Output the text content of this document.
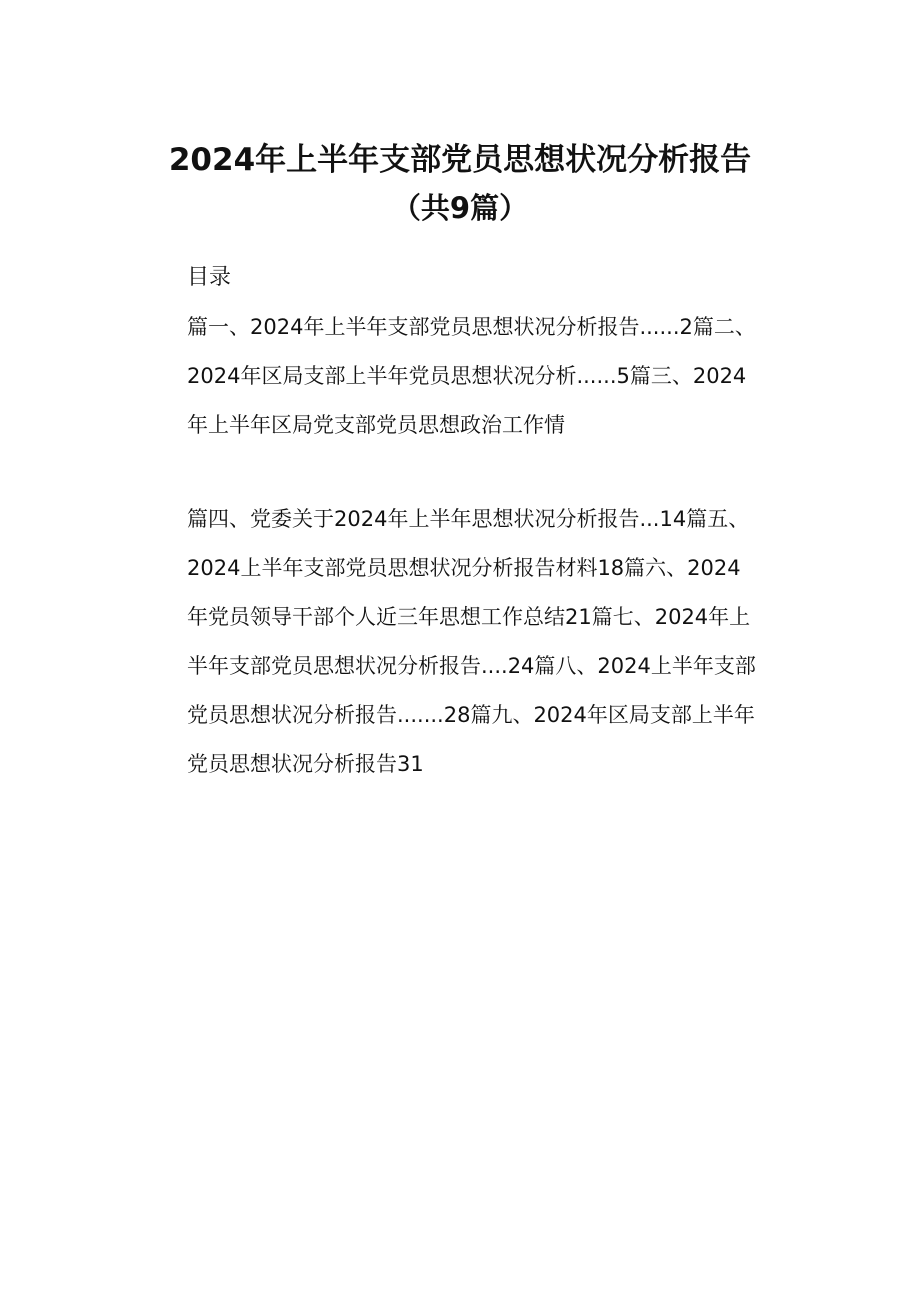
2024年上半年支部党员思想状况分析报告
（共9篇）
目录
篇一、2024年上半年支部党员思想状况分析报告......2篇二、
2024年区局支部上半年党员思想状况分析......5篇三、2024
年上半年区局党支部党员思想政治工作情
篇四、党委关于2024年上半年思想状况分析报告...14篇五、
2024上半年支部党员思想状况分析报告材料18篇六、2024
年党员领导干部个人近三年思想工作总结21篇七、2024年上
半年支部党员思想状况分析报告....24篇八、2024上半年支部
党员思想状况分析报告.......28篇九、2024年区局支部上半年
党员思想状况分析报告31
